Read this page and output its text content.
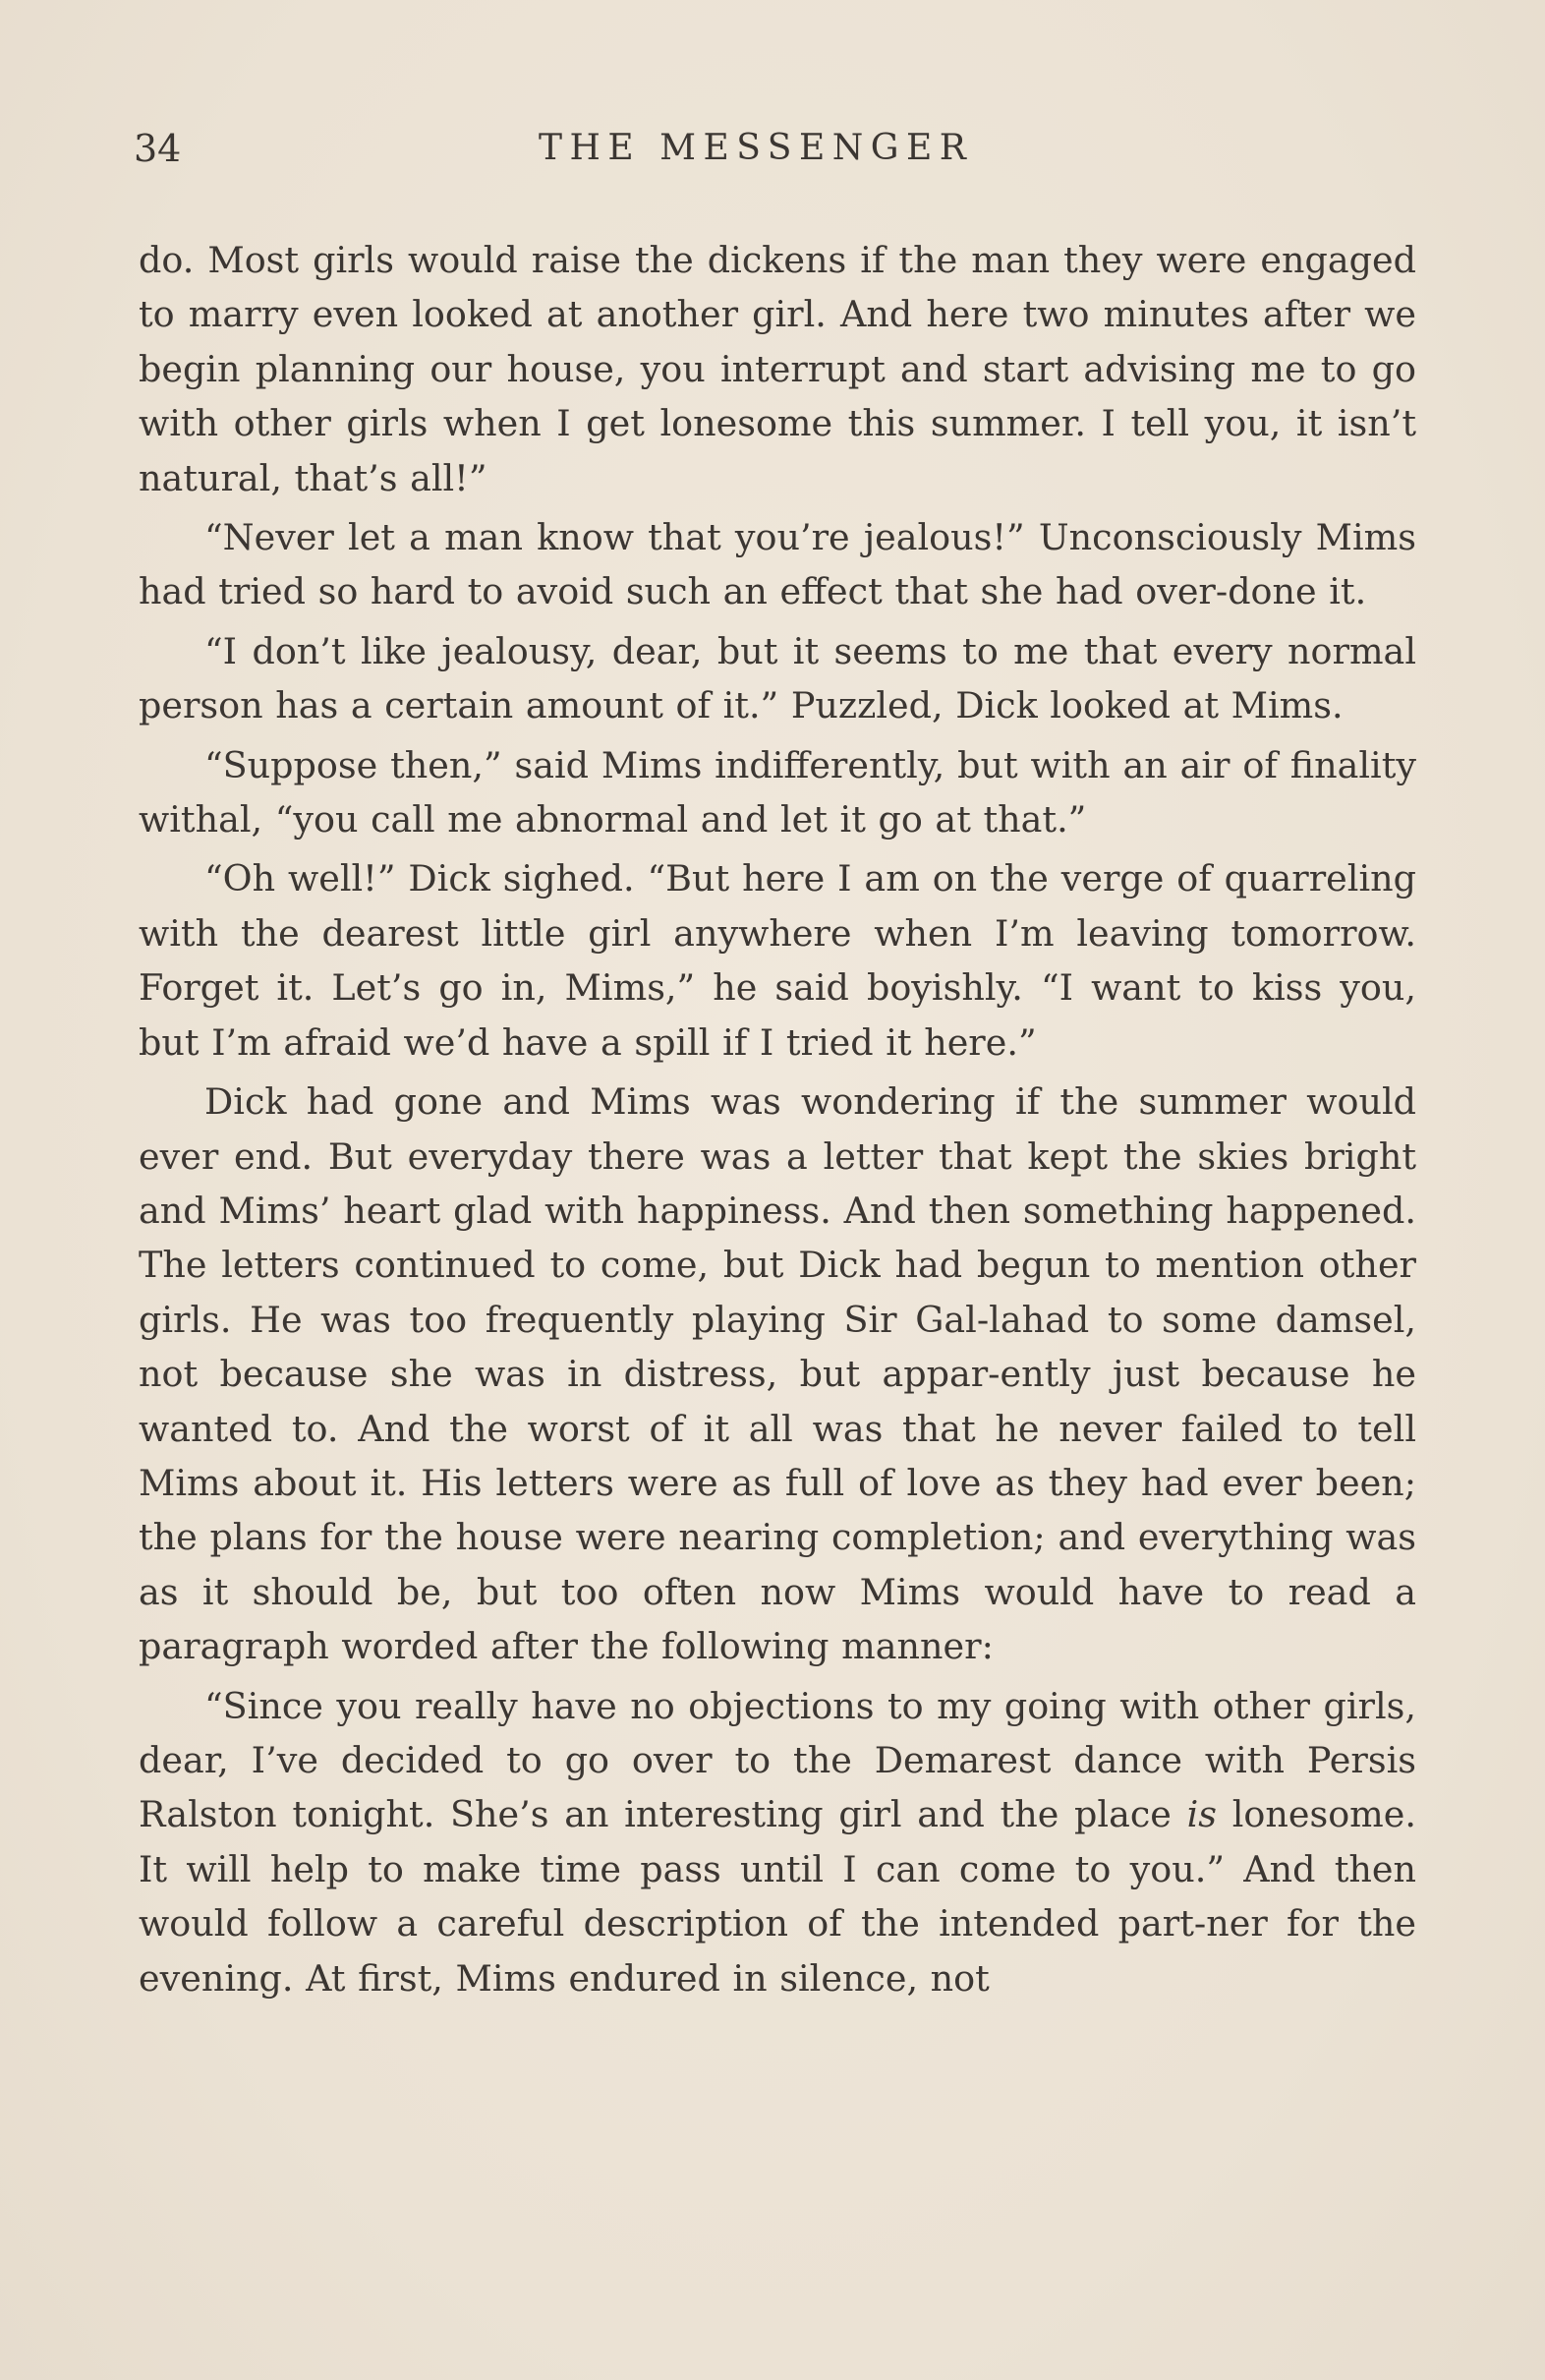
34	THE MESSENGER

do. Most girls would raise the dickens if the man they were engaged to marry even looked at another girl. And here two minutes after we begin planning our house, you interrupt and start advising me to go with other girls when I get lonesome this summer. I tell you, it isn’t natural, that’s all!”

“Never let a man know that you’re jealous!” Unconsciously Mims had tried so hard to avoid such an effect that she had over-done it.

“I don’t like jealousy, dear, but it seems to me that every normal person has a certain amount of it.” Puzzled, Dick looked at Mims.

“Suppose then,” said Mims indifferently, but with an air of finality withal, “you call me abnormal and let it go at that.”

“Oh well!” Dick sighed. “But here I am on the verge of quarreling with the dearest little girl anywhere when I’m leaving tomorrow. Forget it. Let’s go in, Mims,” he said boyishly. “I want to kiss you, but I’m afraid we’d have a spill if I tried it here.”

Dick had gone and Mims was wondering if the summer would ever end. But everyday there was a letter that kept the skies bright and Mims’ heart glad with happiness. And then something happened. The letters continued to come, but Dick had begun to mention other girls. He was too frequently playing Sir Gal-lahad to some damsel, not because she was in distress, but appar-ently just because he wanted to. And the worst of it all was that he never failed to tell Mims about it. His letters were as full of love as they had ever been; the plans for the house were nearing completion; and everything was as it should be, but too often now Mims would have to read a paragraph worded after the following manner:

“Since you really have no objections to my going with other girls, dear, I’ve decided to go over to the Demarest dance with Persis Ralston tonight. She’s an interesting girl and the place is lonesome. It will help to make time pass until I can come to you.” And then would follow a careful description of the intended part-ner for the evening. At first, Mims endured in silence, not
